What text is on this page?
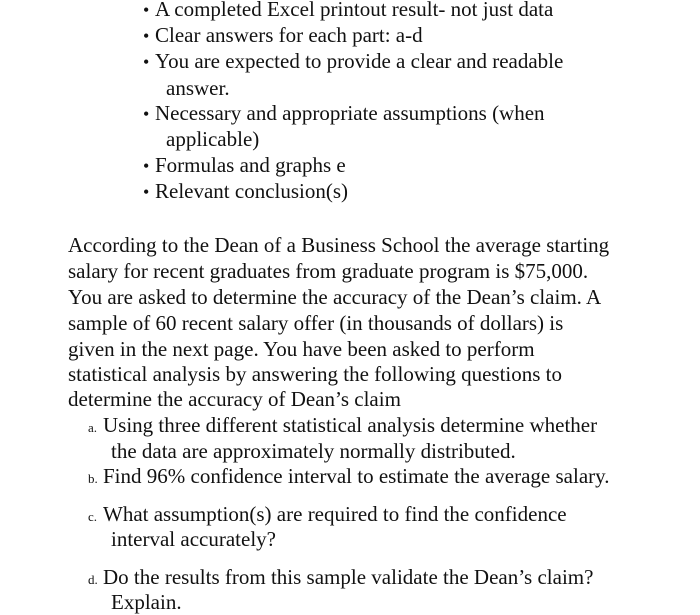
• A completed Excel printout result- not just data
• Clear answers for each part: a-d
• You are expected to provide a clear and readable
answer.
• Necessary and appropriate assumptions (when
applicable)
• Formulas and graphs e
• Relevant conclusion(s)
According to the Dean of a Business School the average starting
salary for recent graduates from graduate program is $75,000.
You are asked to determine the accuracy of the Dean’s claim. A
sample of 60 recent salary offer (in thousands of dollars) is
given in the next page. You have been asked to perform
statistical analysis by answering the following questions to
determine the accuracy of Dean’s claim
a. Using three different statistical analysis determine whether
the data are approximately normally distributed.
b. Find 96% confidence interval to estimate the average salary.
c. What assumption(s) are required to find the confidence
interval accurately?
d. Do the results from this sample validate the Dean’s claim?
Explain.
